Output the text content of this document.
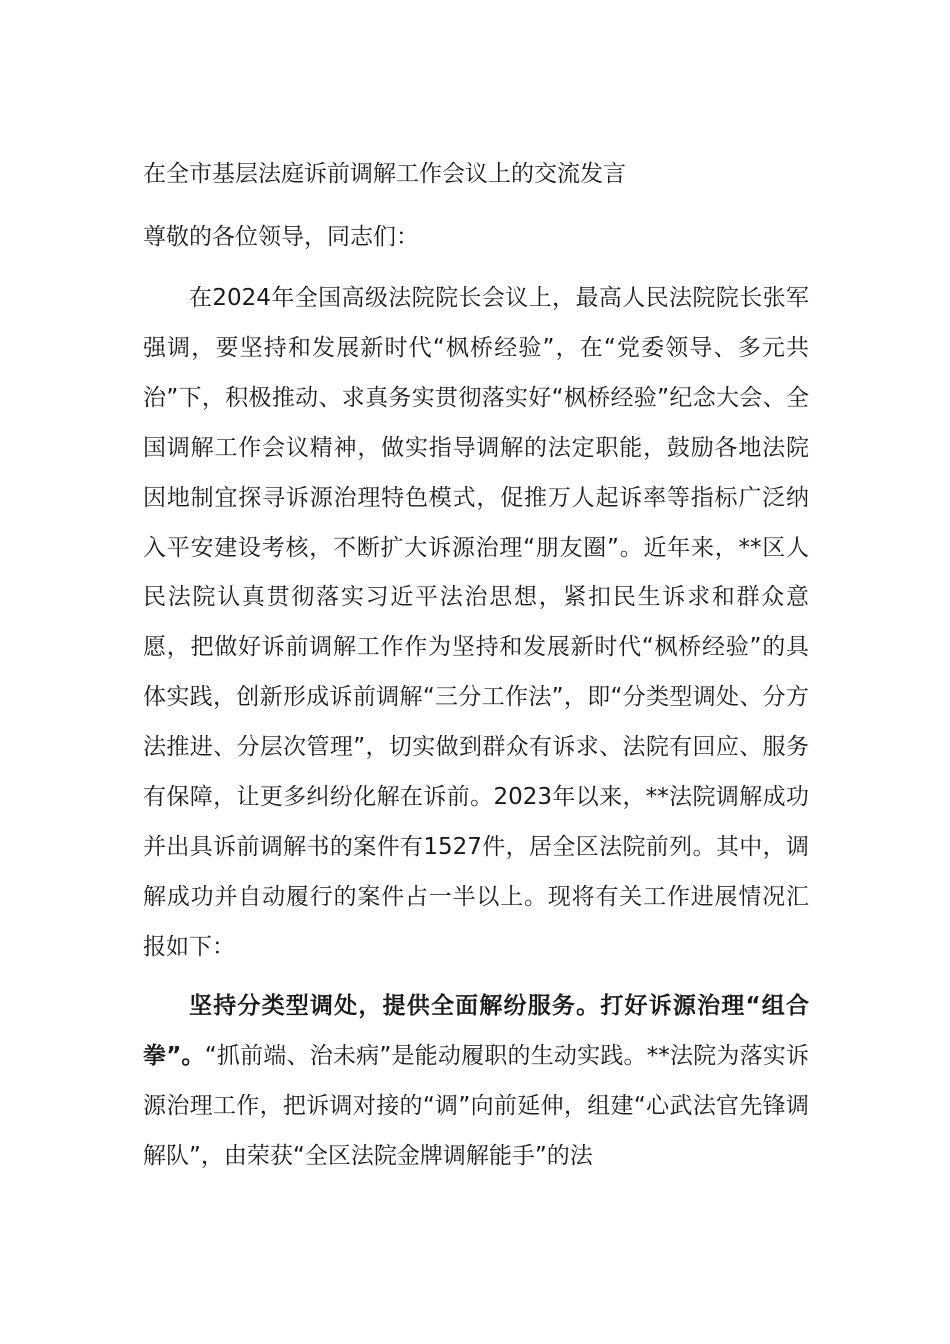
在全市基层法庭诉前调解工作会议上的交流发言

尊敬的各位领导，同志们：

在2024年全国高级法院院长会议上，最高人民法院院长张军强调，要坚持和发展新时代“枫桥经验”，在“党委领导、多元共治”下，积极推动、求真务实贯彻落实好“枫桥经验”纪念大会、全国调解工作会议精神，做实指导调解的法定职能，鼓励各地法院因地制宜探寻诉源治理特色模式，促推万人起诉率等指标广泛纳入平安建设考核，不断扩大诉源治理“朋友圈”。近年来，**区人民法院认真贯彻落实习近平法治思想，紧扣民生诉求和群众意愿，把做好诉前调解工作作为坚持和发展新时代“枫桥经验”的具体实践，创新形成诉前调解“三分工作法”，即“分类型调处、分方法推进、分层次管理”，切实做到群众有诉求、法院有回应、服务有保障，让更多纠纷化解在诉前。2023年以来，**法院调解成功并出具诉前调解书的案件有1527件，居全区法院前列。其中，调解成功并自动履行的案件占一半以上。现将有关工作进展情况汇报如下：

坚持分类型调处，提供全面解纷服务。打好诉源治理“组合拳”。“抓前端、治未病”是能动履职的生动实践。**法院为落实诉源治理工作，把诉调对接的“调”向前延伸，组建“心武法官先锋调解队”，由荣获“全区法院金牌调解能手”的法
